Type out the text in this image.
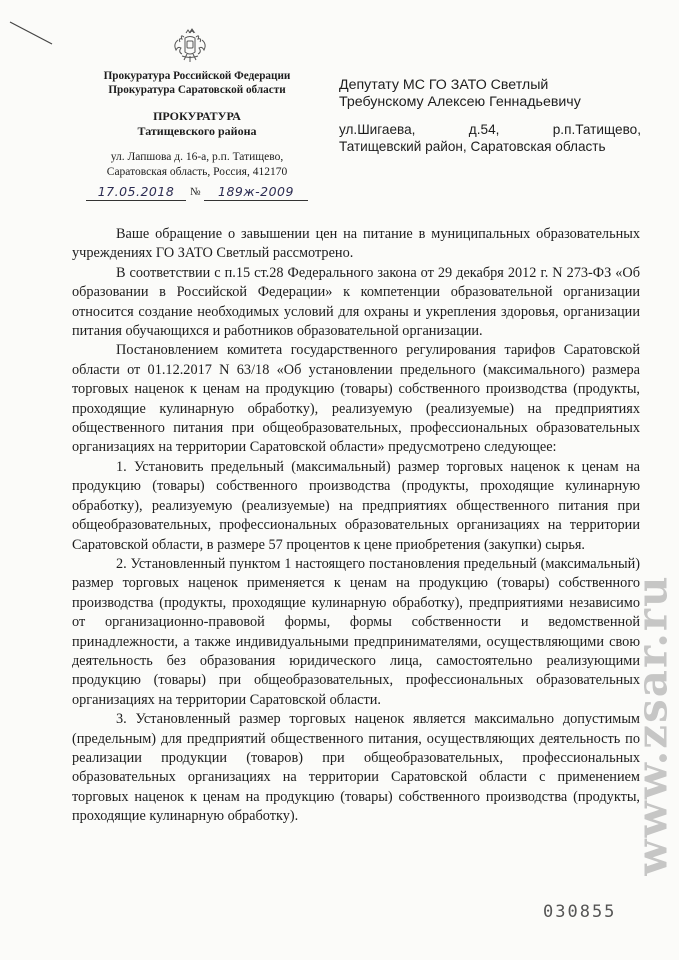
Прокуратура Российской Федерации
Прокуратура Саратовской области
ПРОКУРАТУРА
Татищевского района
ул. Лапшова д. 16-а, р.п. Татищево,
Саратовская область, Россия, 412170
17.05.2018	№	189ж-2009
Депутату МС ГО ЗАТО Светлый
Требунскому Алексею Геннадьевичу
ул.Шигаева,	д.54,	р.п.Татищево,
Татищевский район, Саратовская область

Ваше обращение о завышении цен на питание в муниципальных образовательных учреждениях ГО ЗАТО Светлый рассмотрено.

В соответствии с п.15 ст.28 Федерального закона от 29 декабря 2012 г. N 273-ФЗ «Об образовании в Российской Федерации» к компетенции образовательной организации относится создание необходимых условий для охраны и укрепления здоровья, организации питания обучающихся и работников образовательной организации.

Постановлением комитета государственного регулирования тарифов Саратовской области от 01.12.2017 N 63/18 «Об установлении предельного (максимального) размера торговых наценок к ценам на продукцию (товары) собственного производства (продукты, проходящие кулинарную обработку), реализуемую (реализуемые) на предприятиях общественного питания при общеобразовательных, профессиональных образовательных организациях на территории Саратовской области» предусмотрено следующее:

1. Установить предельный (максимальный) размер торговых наценок к ценам на продукцию (товары) собственного производства (продукты, проходящие кулинарную обработку), реализуемую (реализуемые) на предприятиях общественного питания при общеобразовательных, профессиональных образовательных организациях на территории Саратовской области, в размере 57 процентов к цене приобретения (закупки) сырья.

2. Установленный пунктом 1 настоящего постановления предельный (максимальный) размер торговых наценок применяется к ценам на продукцию (товары) собственного производства (продукты, проходящие кулинарную обработку), предприятиями независимо от организационно-правовой формы, формы собственности и ведомственной принадлежности, а также индивидуальными предпринимателями, осуществляющими свою деятельность без образования юридического лица, самостоятельно реализующими продукцию (товары) при общеобразовательных, профессиональных образовательных организациях на территории Саратовской области.

3. Установленный размер торговых наценок является максимально допустимым (предельным) для предприятий общественного питания, осуществляющих деятельность по реализации продукции (товаров) при общеобразовательных, профессиональных образовательных организациях на территории Саратовской области с применением торговых наценок к ценам на продукцию (товары) собственного производства (продукты, проходящие кулинарную обработку).

030855
www.zsar.ru
